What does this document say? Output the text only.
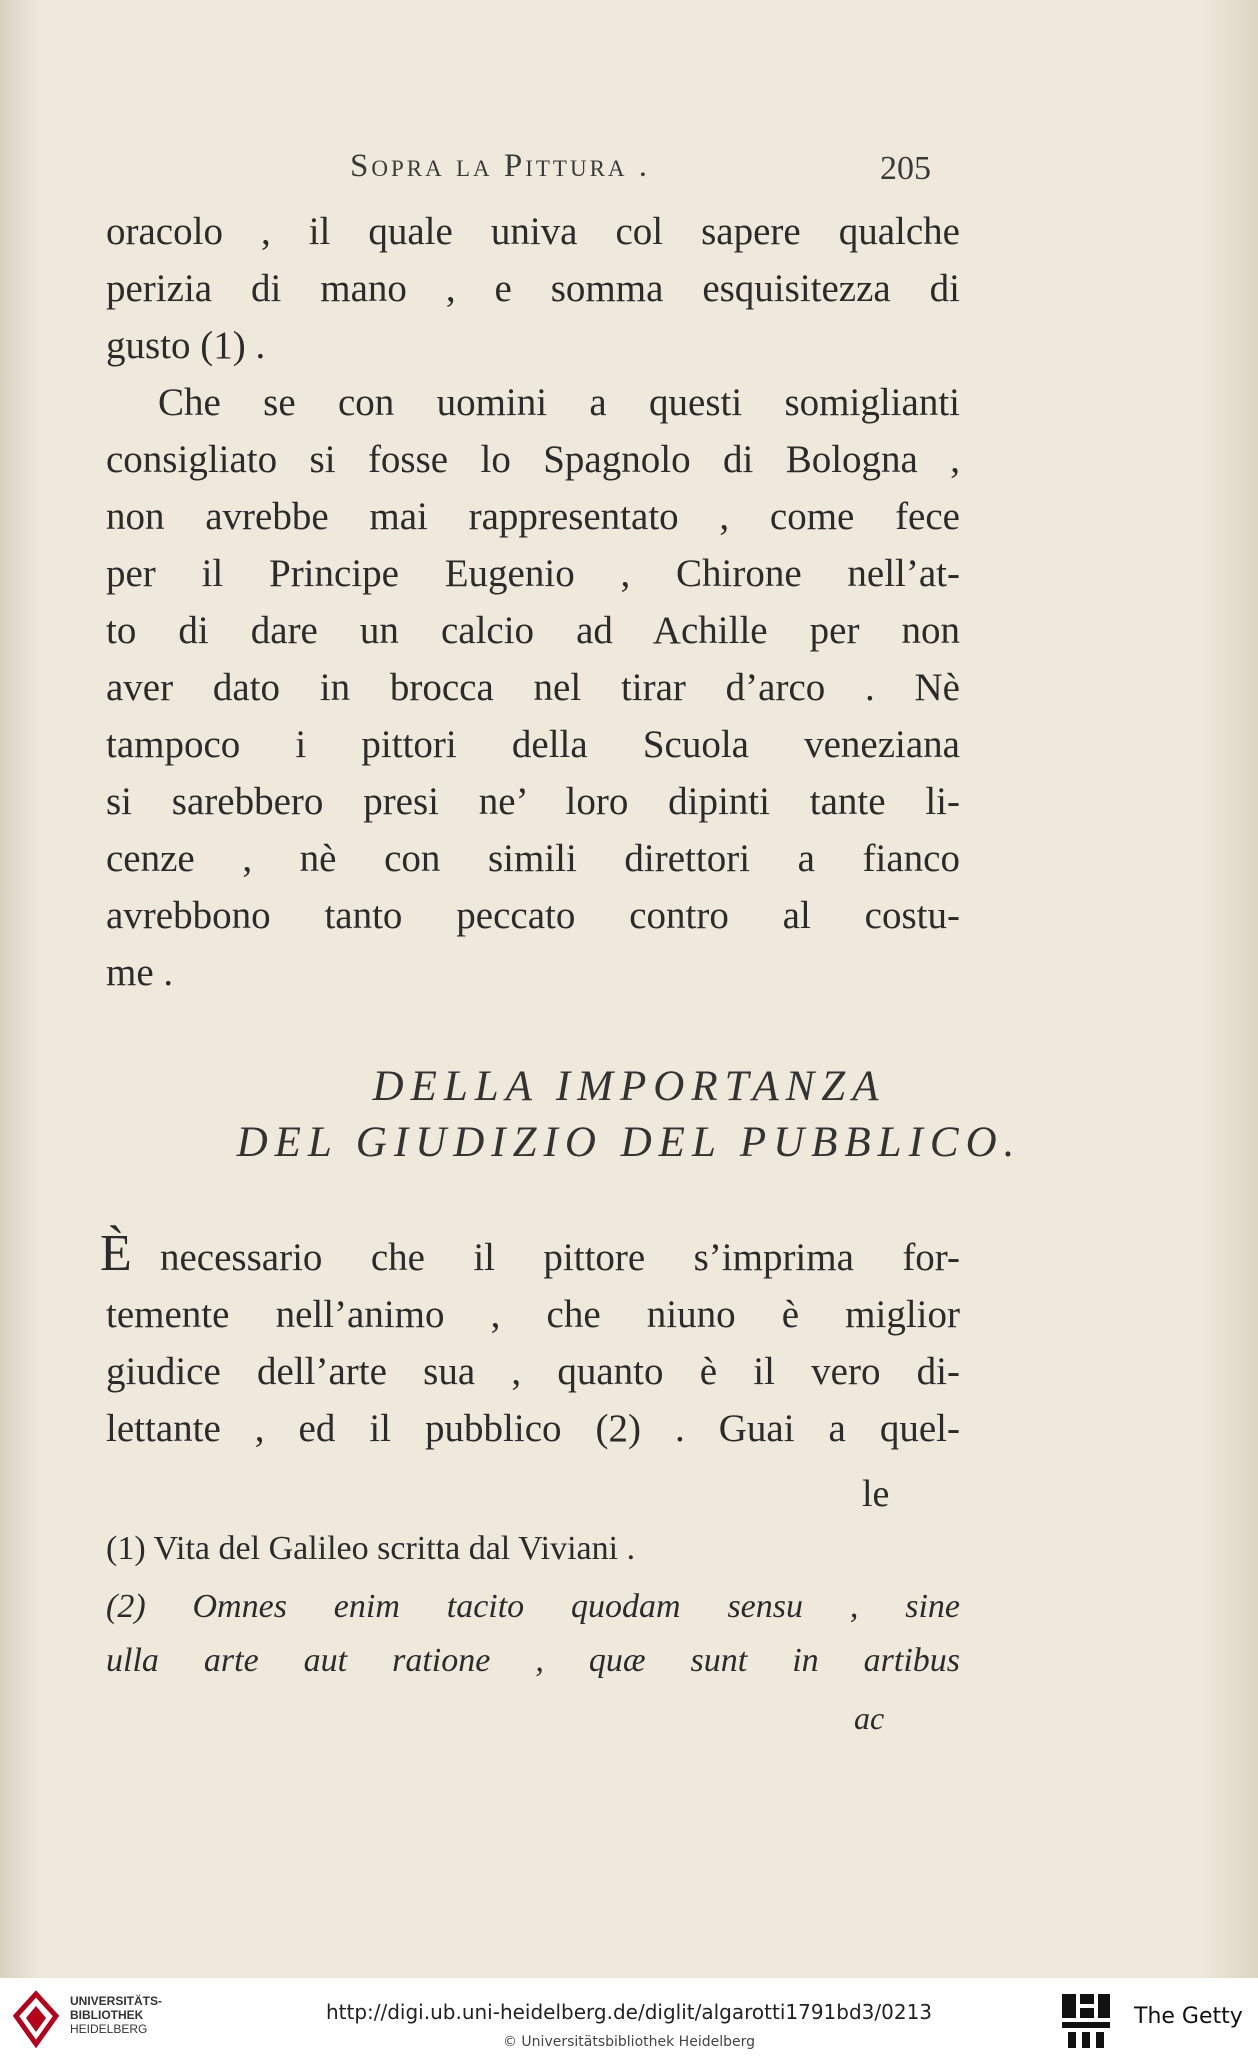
Sopra la Pittura .	205
oracolo , il quale univa col sapere qualche
perizia di mano , e somma esquisitezza di
gusto (1) .
Che se con uomini a questi somiglianti
consigliato si fosse lo Spagnolo di Bologna ,
non avrebbe mai rappresentato , come fece
per il Principe Eugenio , Chirone nell’at-
to di dare un calcio ad Achille per non
aver dato in brocca nel tirar d’arco . Nè
tampoco i pittori della Scuola veneziana
si sarebbero presi ne’ loro dipinti tante li-
cenze , nè con simili direttori a fianco
avrebbono tanto peccato contro al costu-
me .
DELLA IMPORTANZA
DEL GIUDIZIO DEL PUBBLICO.
È necessario che il pittore s’imprima for-
temente nell’animo , che niuno è miglior
giudice dell’arte sua , quanto è il vero di-
lettante , ed il pubblico (2) . Guai a quel-
le
(1) Vita del Galileo scritta dal Viviani .
(2) Omnes enim tacito quodam sensu , sine
ulla arte aut ratione , quæ sunt in artibus
ac
UNIVERSITÄTS-
BIBLIOTHEK
HEIDELBERG
http://digi.ub.uni-heidelberg.de/diglit/algarotti1791bd3/0213
© Universitätsbibliothek Heidelberg
The Getty
